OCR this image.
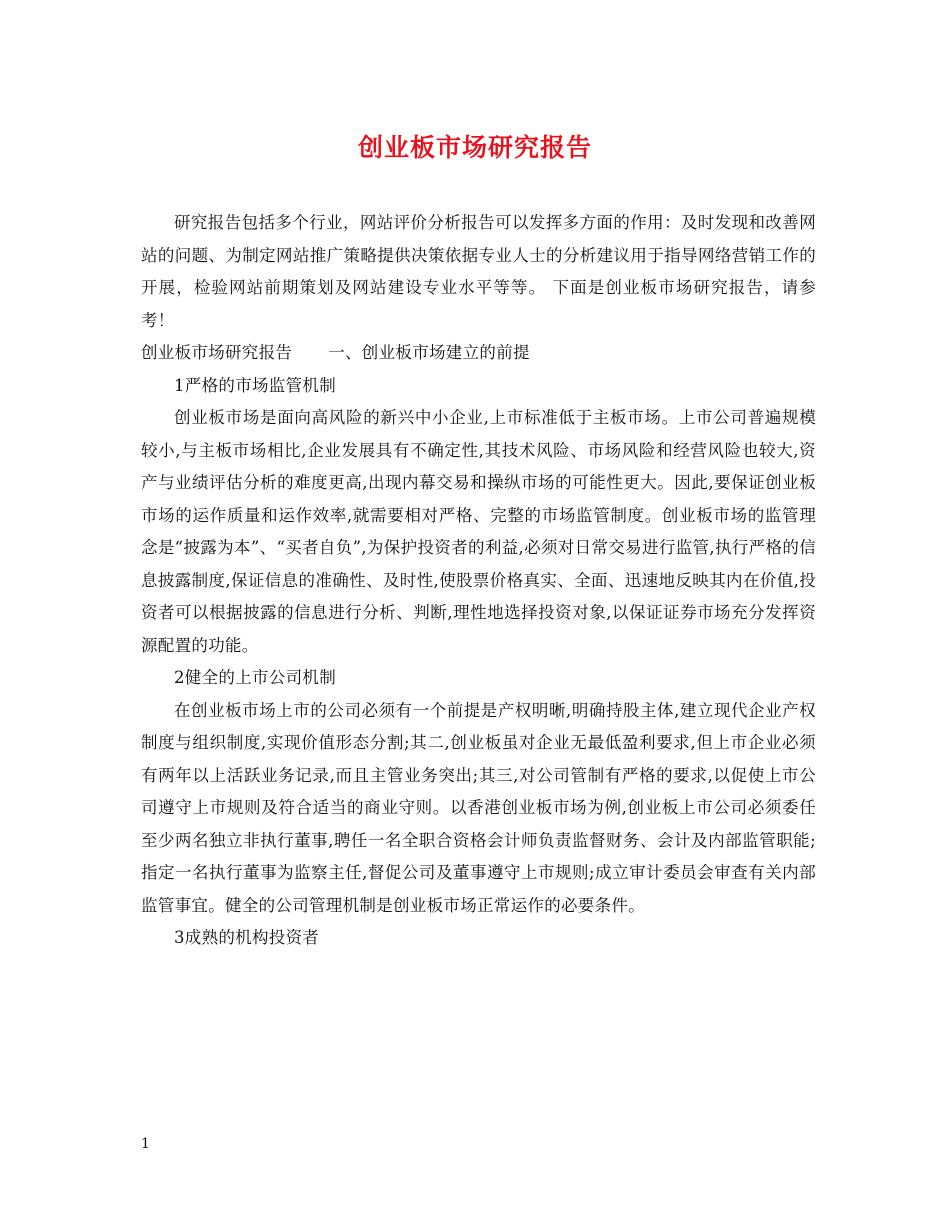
创业板市场研究报告

研究报告包括多个行业，网站评价分析报告可以发挥多方面的作用：及时发现和改善网站的问题、为制定网站推广策略提供决策依据专业人士的分析建议用于指导网络营销工作的开展，检验网站前期策划及网站建设专业水平等等。 下面是创业板市场研究报告，请参考！

创业板市场研究报告 一、创业板市场建立的前提

1严格的市场监管机制

创业板市场是面向高风险的新兴中小企业,上市标准低于主板市场。上市公司普遍规模较小,与主板市场相比,企业发展具有不确定性,其技术风险、市场风险和经营风险也较大,资产与业绩评估分析的难度更高,出现内幕交易和操纵市场的可能性更大。因此,要保证创业板市场的运作质量和运作效率,就需要相对严格、完整的市场监管制度。创业板市场的监管理念是“披露为本”、“买者自负”,为保护投资者的利益,必须对日常交易进行监管,执行严格的信息披露制度,保证信息的准确性、及时性,使股票价格真实、全面、迅速地反映其内在价值,投资者可以根据披露的信息进行分析、判断,理性地选择投资对象,以保证证券市场充分发挥资源配置的功能。

2健全的上市公司机制

在创业板市场上市的公司必须有一个前提是产权明晰,明确持股主体,建立现代企业产权制度与组织制度,实现价值形态分割;其二,创业板虽对企业无最低盈利要求,但上市企业必须有两年以上活跃业务记录,而且主管业务突出;其三,对公司管制有严格的要求,以促使上市公司遵守上市规则及符合适当的商业守则。以香港创业板市场为例,创业板上市公司必须委任至少两名独立非执行董事,聘任一名全职合资格会计师负责监督财务、会计及内部监管职能;指定一名执行董事为监察主任,督促公司及董事遵守上市规则;成立审计委员会审查有关内部监管事宜。健全的公司管理机制是创业板市场正常运作的必要条件。

3成熟的机构投资者

1
